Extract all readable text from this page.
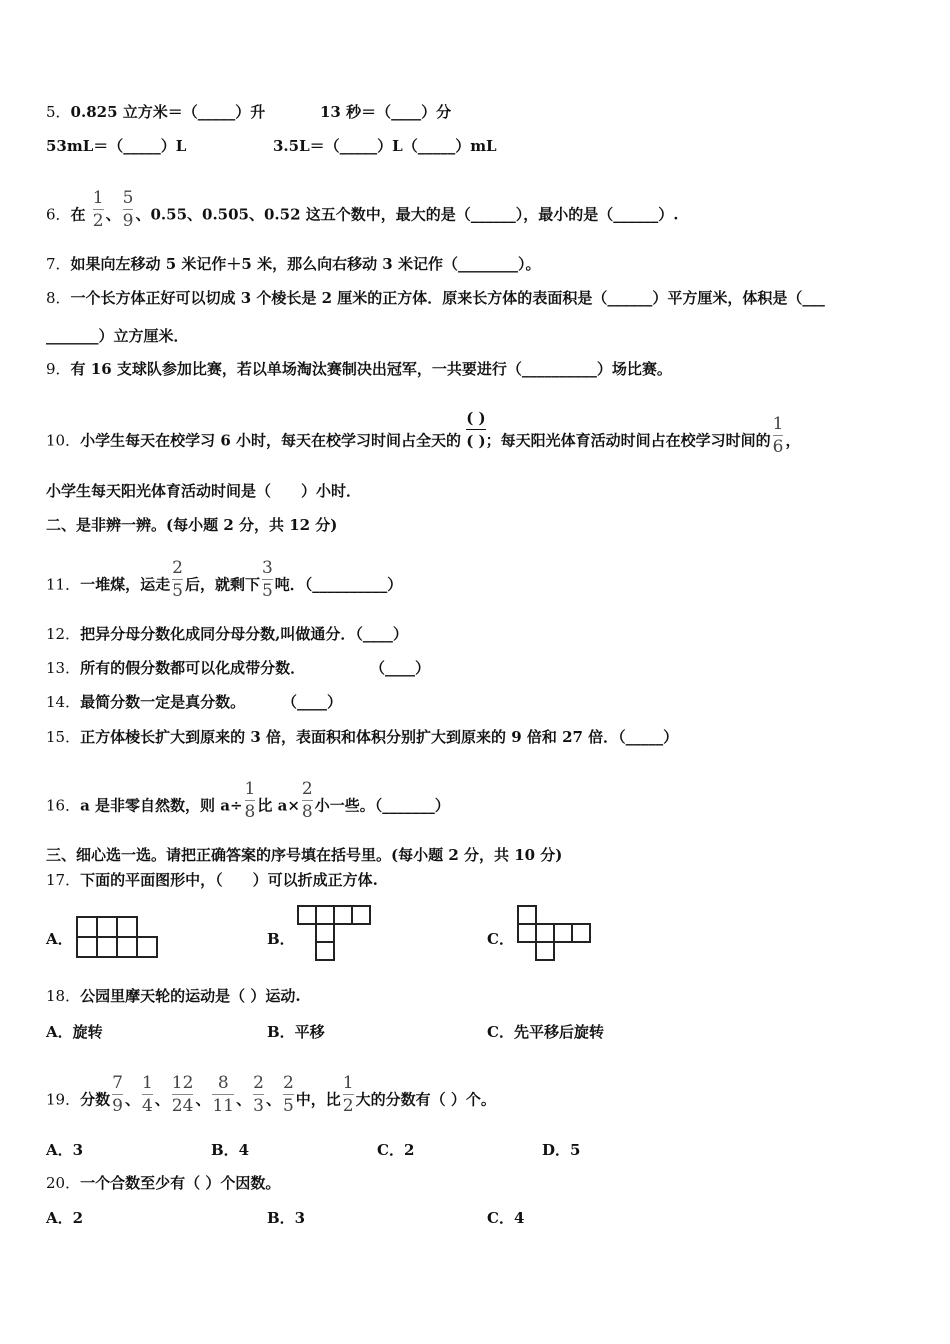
5．0.825 立方米＝（_____）升	13 秒＝（____）分
53mL＝（_____）L	3.5L＝（_____）L（_____）mL
6．在 $\frac{1}{2}$ 、 $\frac{5}{9}$ 、0.55、0.505、0.52 这五个数中，最大的是（______），最小的是（______）.
7．如果向左移动 5 米记作＋5 米，那么向右移动 3 米记作（________）。
8．一个长方体正好可以切成 3 个棱长是 2 厘米的正方体．原来长方体的表面积是（______）平方厘米，体积是（___
_______）立方厘米．
9．有 16 支球队参加比赛，若以单场淘汰赛制决出冠军，一共要进行（__________）场比赛。
10．小学生每天在校学习 6 小时，每天在校学习时间占全天的
( )
( ) ；每天阳光体育活动时间占在校学习时间的 $\frac{1}{6}$ ，
小学生每天阳光体育活动时间是（　　）小时．
二、是非辨一辨。(每小题 2 分，共 12 分)
11．一堆煤，运走 $\frac{2}{5}$ 后，就剩下 $\frac{3}{5}$ 吨．（__________）
12．把异分母分数化成同分母分数,叫做通分．（____）
13．所有的假分数都可以化成带分数．	（____）
14．最简分数一定是真分数。 （____）
15．正方体棱长扩大到原来的 3 倍，表面积和体积分别扩大到原来的 9 倍和 27 倍．（_____）
16．a 是非零自然数，则 $a\div \frac{1}{8}$ 比 $a\times \frac{2}{8}$ 小一些。（_______）
三、细心选一选。请把正确答案的序号填在括号里。(每小题 2 分，共 10 分)
17．下面的平面图形中，（　　）可以折成正方体.
A．	B．	C．
18．公园里摩天轮的运动是（ ）运动.
A．旋转	B．平移	C．先平移后旋转
19．分数 $\frac{7}{9}$ 、 $\frac{1}{4}$ 、 $\frac{12}{24}$ 、 $\frac{8}{11}$ 、 $\frac{2}{3}$ 、 $\frac{2}{5}$ 中，比 $\frac{1}{2}$ 大的分数有（ ）个。
A．3	B．4	C．2	D．5
20．一个合数至少有（ ）个因数。
A．2	B．3	C．4
